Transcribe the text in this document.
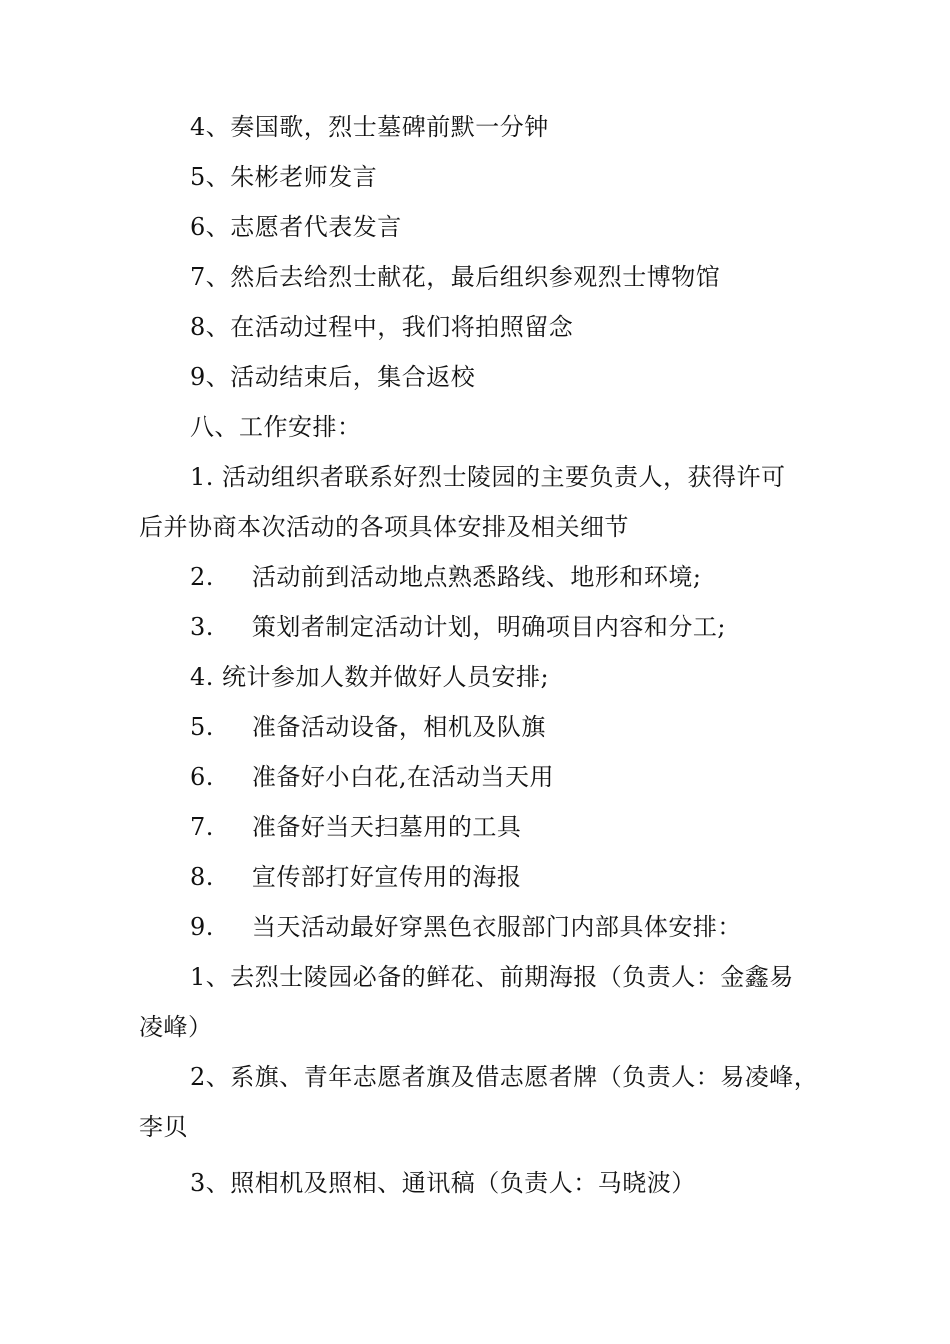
4、奏国歌，烈士墓碑前默一分钟
5、朱彬老师发言
6、志愿者代表发言
7、然后去给烈士献花，最后组织参观烈士博物馆
8、在活动过程中，我们将拍照留念
9、活动结束后，集合返校
八、工作安排：
1. 活动组织者联系好烈士陵园的主要负责人，获得许可
后并协商本次活动的各项具体安排及相关细节
2. 活动前到活动地点熟悉路线、地形和环境;
3. 策划者制定活动计划，明确项目内容和分工;
4. 统计参加人数并做好人员安排;
5. 准备活动设备，相机及队旗
6. 准备好小白花,在活动当天用
7. 准备好当天扫墓用的工具
8. 宣传部打好宣传用的海报
9. 当天活动最好穿黑色衣服部门内部具体安排：
1、去烈士陵园必备的鲜花、前期海报（负责人：金鑫易
凌峰）
2、系旗、青年志愿者旗及借志愿者牌（负责人：易凌峰，
李贝
3、照相机及照相、通讯稿（负责人：马晓波）
